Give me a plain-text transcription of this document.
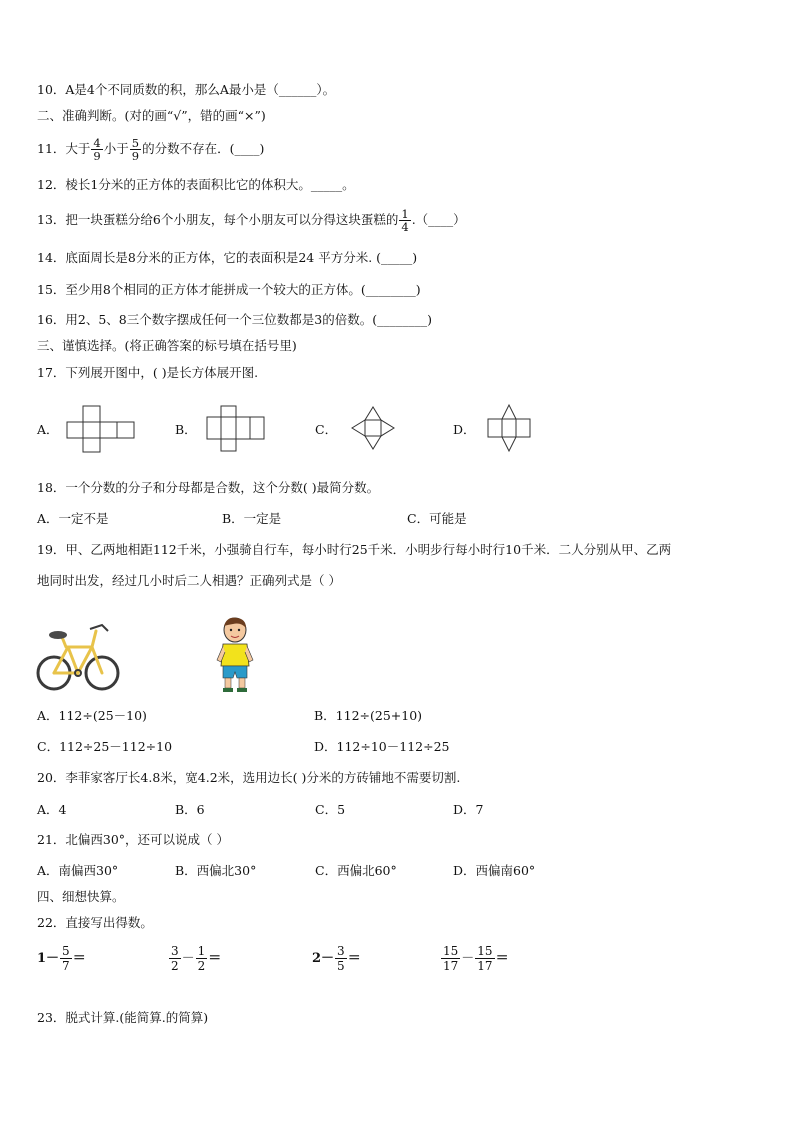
10．A是4个不同质数的积，那么A最小是（______）。
二、准确判断。(对的画“√”，错的画“×”)
11．大于 $\frac{4}{9}$ 小于 $\frac{5}{9}$ 的分数不存在．(____)
12．棱长1分米的正方体的表面积比它的体积大。_____。
13．把一块蛋糕分给6个小朋友，每个小朋友可以分得这块蛋糕的 $\frac{1}{4}$ .（____）
14．底面周长是8分米的正方体，它的表面积是24 平方分米. (_____)
15．至少用8个相同的正方体才能拼成一个较大的正方体。(________)
16．用2、5、8三个数字摆成任何一个三位数都是3的倍数。(________)
三、谨慎选择。(将正确答案的标号填在括号里)
17．下列展开图中，( )是长方体展开图.
A．	B．	C．	D．
18．一个分数的分子和分母都是合数，这个分数( )最简分数。
A．一定不是	B．一定是	C．可能是
19．甲、乙两地相距112千米，小强骑自行车，每小时行25千米．小明步行每小时行10千米．二人分别从甲、乙两
地同时出发，经过几小时后二人相遇？正确列式是（ ）
A．112÷(25－10)	B．112÷(25+10)
C．112÷25－112÷10	D．112÷10－112÷25
20．李菲家客厅长4.8米，宽4.2米，选用边长( )分米的方砖铺地不需要切割.
A．4	B．6	C．5	D．7
21．北偏西30°，还可以说成（ ）
A．南偏西30°	B．西偏北30°	C．西偏北60°	D．西偏南60°
四、细想快算。
22．直接写出得数。
$1- \frac{5}{7}$ ＝	$\frac{3}{2} - \frac{1}{2}$ ＝	$2- \frac{3}{5}$ ＝	$\frac{15}{17} - \frac{15}{17}$ ＝
23．脱式计算.(能简算.的简算)
